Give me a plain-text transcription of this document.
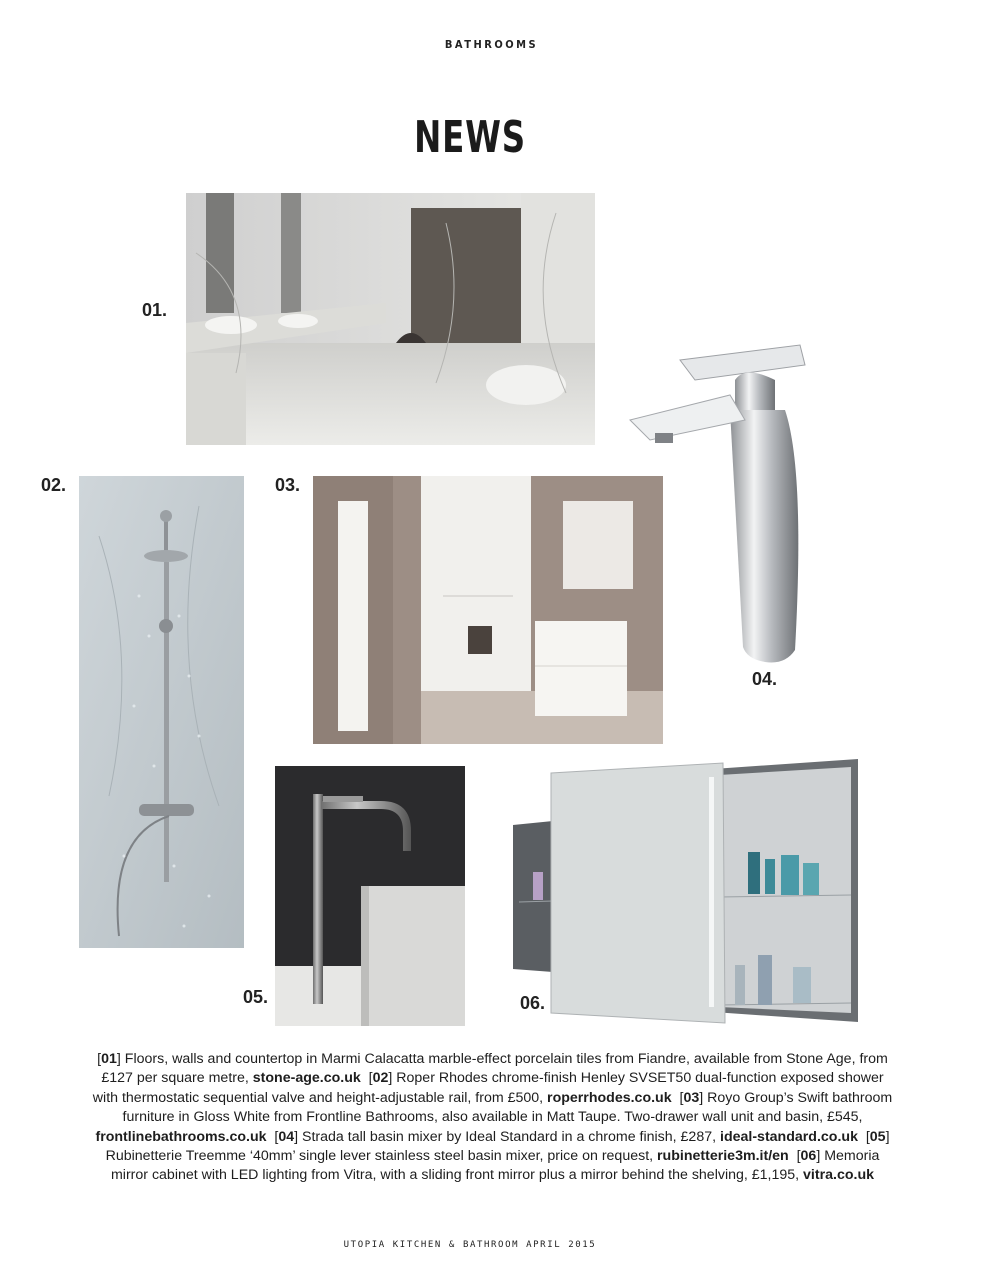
BATHROOMS
NEWS
01.
02.	03.
04.
05.	06.
[01] Floors, walls and countertop in Marmi Calacatta marble-effect porcelain tiles from Fiandre, available from Stone Age, from £127 per square metre, stone-age.co.uk  [02] Roper Rhodes chrome-finish Henley SVSET50 dual-function exposed shower with thermostatic sequential valve and height-adjustable rail, from £500, roperrhodes.co.uk  [03] Royo Group’s Swift bathroom furniture in Gloss White from Frontline Bathrooms, also available in Matt Taupe. Two-drawer wall unit and basin, £545, frontlinebathrooms.co.uk  [04] Strada tall basin mixer by Ideal Standard in a chrome finish, £287, ideal-standard.co.uk  [05] Rubinetterie Treemme ‘40mm’ single lever stainless steel basin mixer, price on request, rubinetterie3m.it/en  [06] Memoria mirror cabinet with LED lighting from Vitra, with a sliding front mirror plus a mirror behind the shelving, £1,195, vitra.co.uk
UTOPIA KITCHEN & BATHROOM APRIL 2015
